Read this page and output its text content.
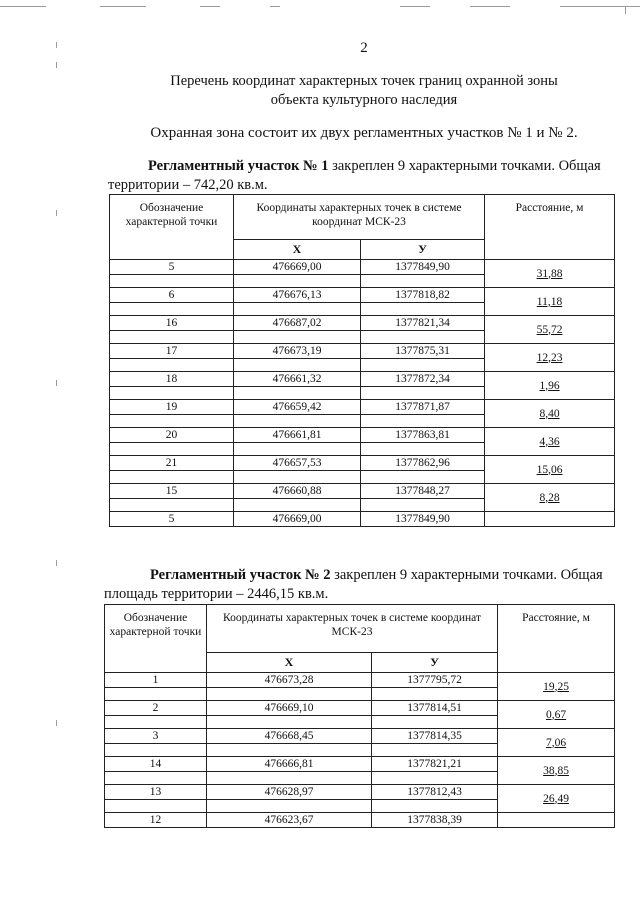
2
Перечень координат характерных точек границ охранной зоны
объекта культурного наследия
Охранная зона состоит их двух регламентных участков № 1 и № 2.
Регламентный участок № 1 закреплен 9 характерными точками. Общая
территории – 742,20 кв.м.
Обозначение характерной точки	Координаты характерных точек в системе координат МСК-23		Расстояние, м
	X	У	
5	476669,00	1377849,90	31,88

6	476676,13	1377818,82	11,18

16	476687,02	1377821,34	55,72

17	476673,19	1377875,31	12,23

18	476661,32	1377872,34	1,96

19	476659,42	1377871,87	8,40

20	476661,81	1377863,81	4,36

21	476657,53	1377862,96	15,06

15	476660,88	1377848,27	8,28

5	476669,00	1377849,90	
Регламентный участок № 2 закреплен 9 характерными точками. Общая
площадь территории – 2446,15 кв.м.
Обозначение характерной точки	Координаты характерных точек в системе координат МСК-23		Расстояние, м
	X	У	
1	476673,28	1377795,72	19,25

2	476669,10	1377814,51	0,67

3	476668,45	1377814,35	7,06

14	476666,81	1377821,21	38,85

13	476628,97	1377812,43	26,49

12	476623,67	1377838,39	
